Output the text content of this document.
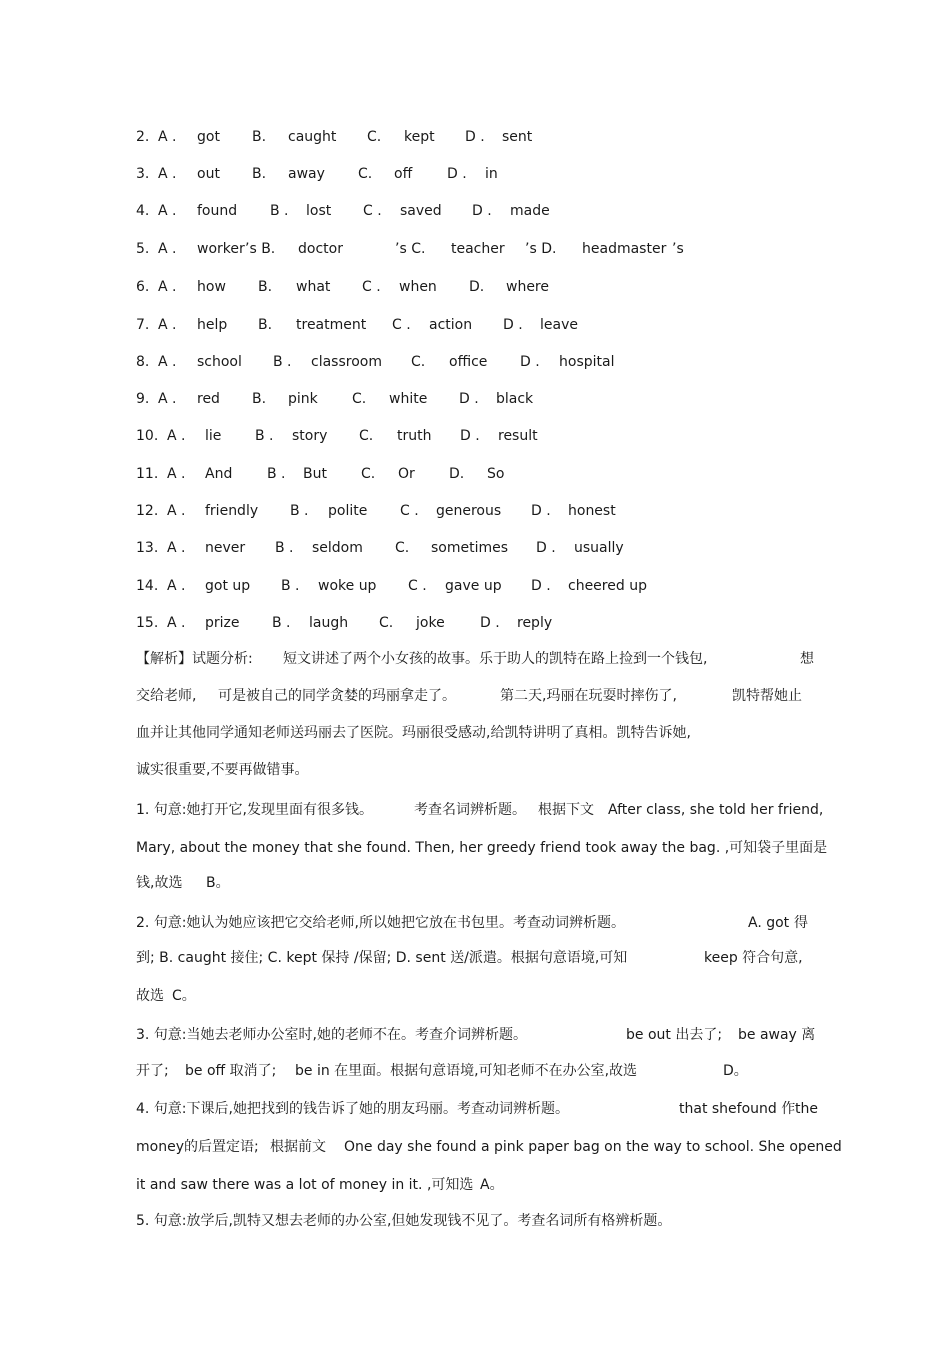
2. A . got B. caught C. kept D . sent
3. A . out B. away C. off D . in
4. A . found B . lost C . saved D . made
5. A . worker ’s B. doctor	’s C. teacher ’s D. headmaster ’s
6. A . how B. what C . when D. where
7. A . help B. treatment C . action D . leave
8. A . school B . classroom C. office D . hospital
9. A . red B. pink C. white D . black
10. A . lie B . story C. truth D . result
11. A . And B . But C. Or D. So
12. A . friendly B . polite C . generous D . honest
13. A . never B . seldom C. sometimes D . usually
14. A . got up B . woke up C . gave up D . cheered up
15. A . prize B . laugh C. joke	D . reply
【解析】试题分析: 短文讲述了两个小女孩的故事。乐于助人的凯特在路上捡到一个钱包,	想
交给老师, 可是被自己的同学贪婪的玛丽拿走了。	第二天,玛丽在玩耍时摔伤了,	凯特帮她止
血并让其他同学通知老师送玛丽去了医院。玛丽很受感动,给凯特讲明了真相。凯特告诉她,
诚实很重要,不要再做错事。
1. 句意:她打开它,发现里面有很多钱。	考查名词辨析题。 根据下文 After class, she told her friend,
Mary, about the money that she found. Then, her greedy friend took away the bag. ,可知袋子里面是
钱,故选 B。
2. 句意:她认为她应该把它交给老师,所以她把它放在书包里。考查动词辨析题。	A. got 得
到; B. caught 接住; C. kept 保持 /保留; D. sent 送/派遣。根据句意语境,可知	keep 符合句意,
故选 C。
3. 句意:当她去老师办公室时,她的老师不在。考查介词辨析题。	be out 出去了; be away 离
开了; be off 取消了; be in 在里面。根据句意语境,可知老师不在办公室,故选	D。
4. 句意:下课后,她把找到的钱告诉了她的朋友玛丽。考查动词辨析题。	that shefound 作 the
money的后置定语; 根据前文 One day she found a pink paper bag on the way to school. She opened
it and saw there was a lot of money in it. ,可知选 A。
5. 句意:放学后,凯特又想去老师的办公室,但她发现钱不见了。考查名词所有格辨析题。
